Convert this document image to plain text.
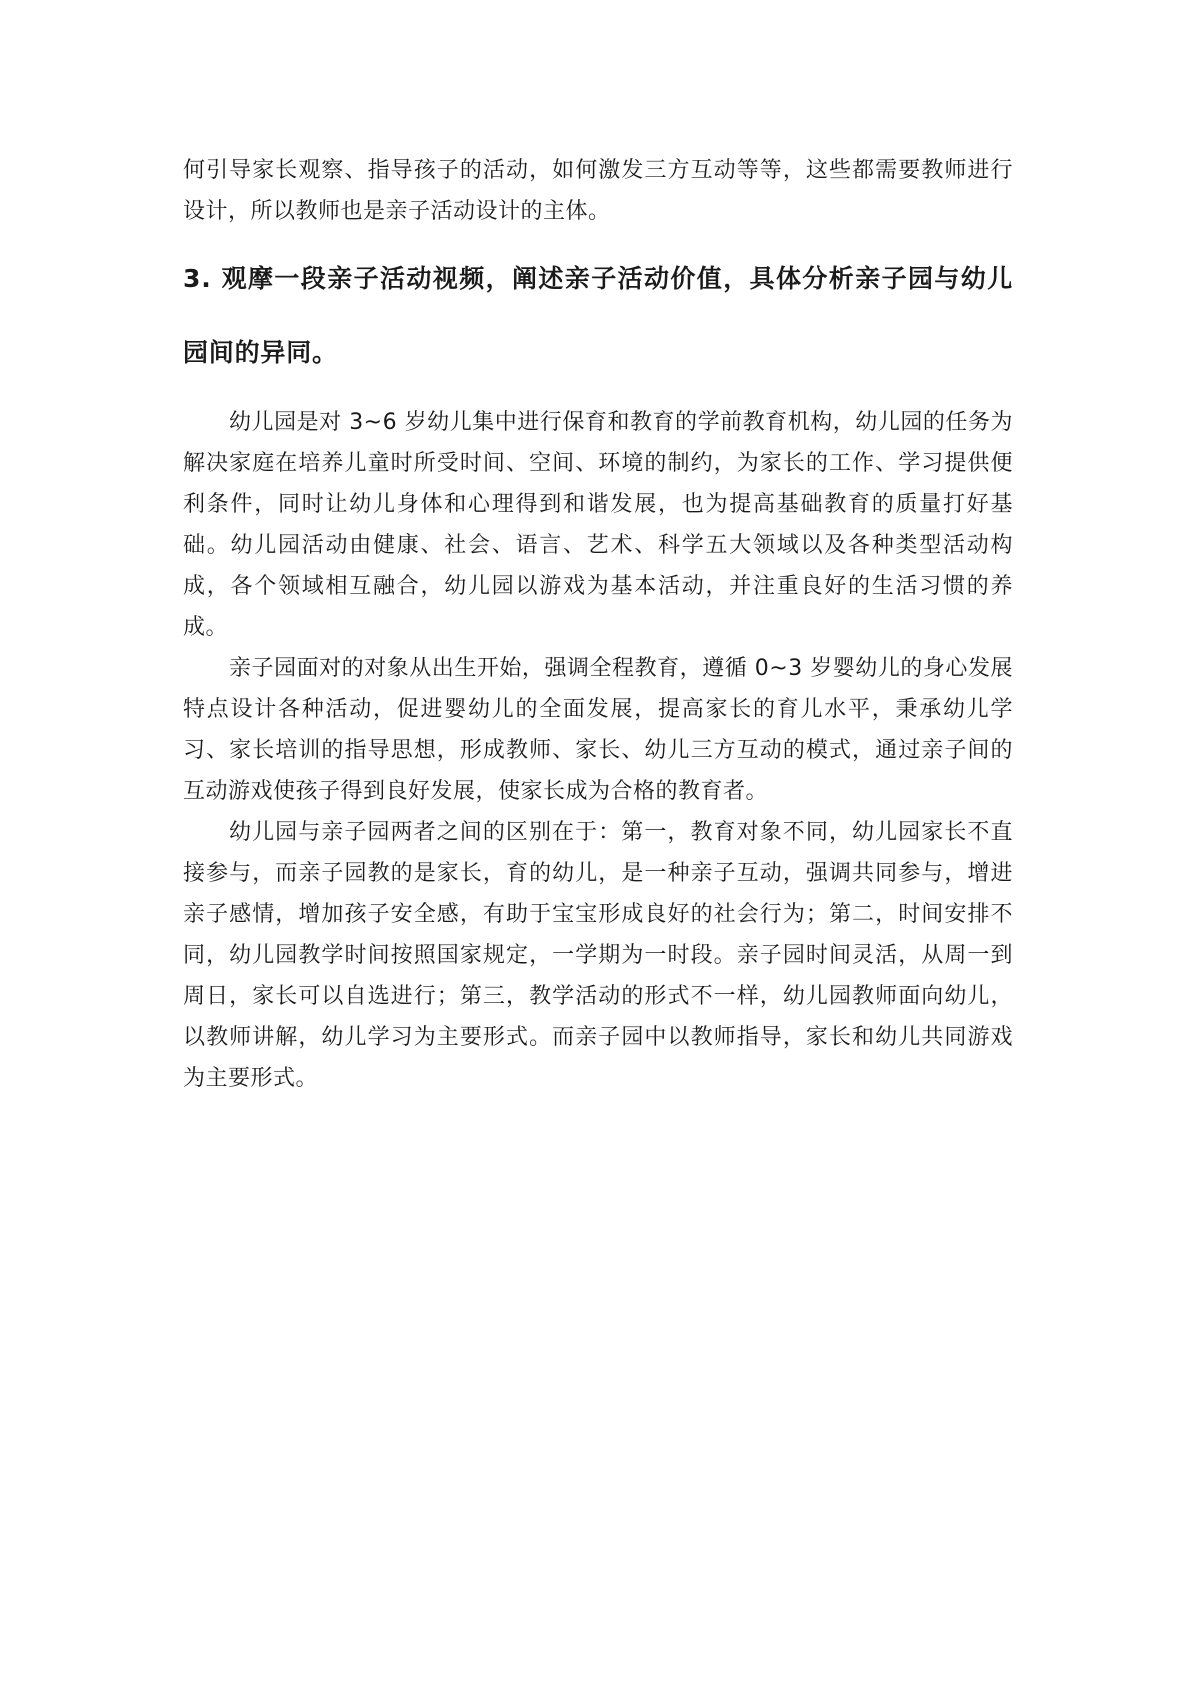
何引导家长观察、指导孩子的活动，如何激发三方互动等等，这些都需要教师进行设计，所以教师也是亲子活动设计的主体。

3. 观摩一段亲子活动视频，阐述亲子活动价值，具体分析亲子园与幼儿园间的异同。

幼儿园是对 3~6 岁幼儿集中进行保育和教育的学前教育机构，幼儿园的任务为解决家庭在培养儿童时所受时间、空间、环境的制约，为家长的工作、学习提供便利条件，同时让幼儿身体和心理得到和谐发展，也为提高基础教育的质量打好基础。幼儿园活动由健康、社会、语言、艺术、科学五大领域以及各种类型活动构成，各个领域相互融合，幼儿园以游戏为基本活动，并注重良好的生活习惯的养成。

亲子园面对的对象从出生开始，强调全程教育，遵循 0~3 岁婴幼儿的身心发展特点设计各种活动，促进婴幼儿的全面发展，提高家长的育儿水平，秉承幼儿学习、家长培训的指导思想，形成教师、家长、幼儿三方互动的模式，通过亲子间的互动游戏使孩子得到良好发展，使家长成为合格的教育者。

幼儿园与亲子园两者之间的区别在于：第一，教育对象不同，幼儿园家长不直接参与，而亲子园教的是家长，育的幼儿，是一种亲子互动，强调共同参与，增进亲子感情，增加孩子安全感，有助于宝宝形成良好的社会行为；第二，时间安排不同，幼儿园教学时间按照国家规定，一学期为一时段。亲子园时间灵活，从周一到周日，家长可以自选进行；第三，教学活动的形式不一样，幼儿园教师面向幼儿，以教师讲解，幼儿学习为主要形式。而亲子园中以教师指导，家长和幼儿共同游戏为主要形式。
